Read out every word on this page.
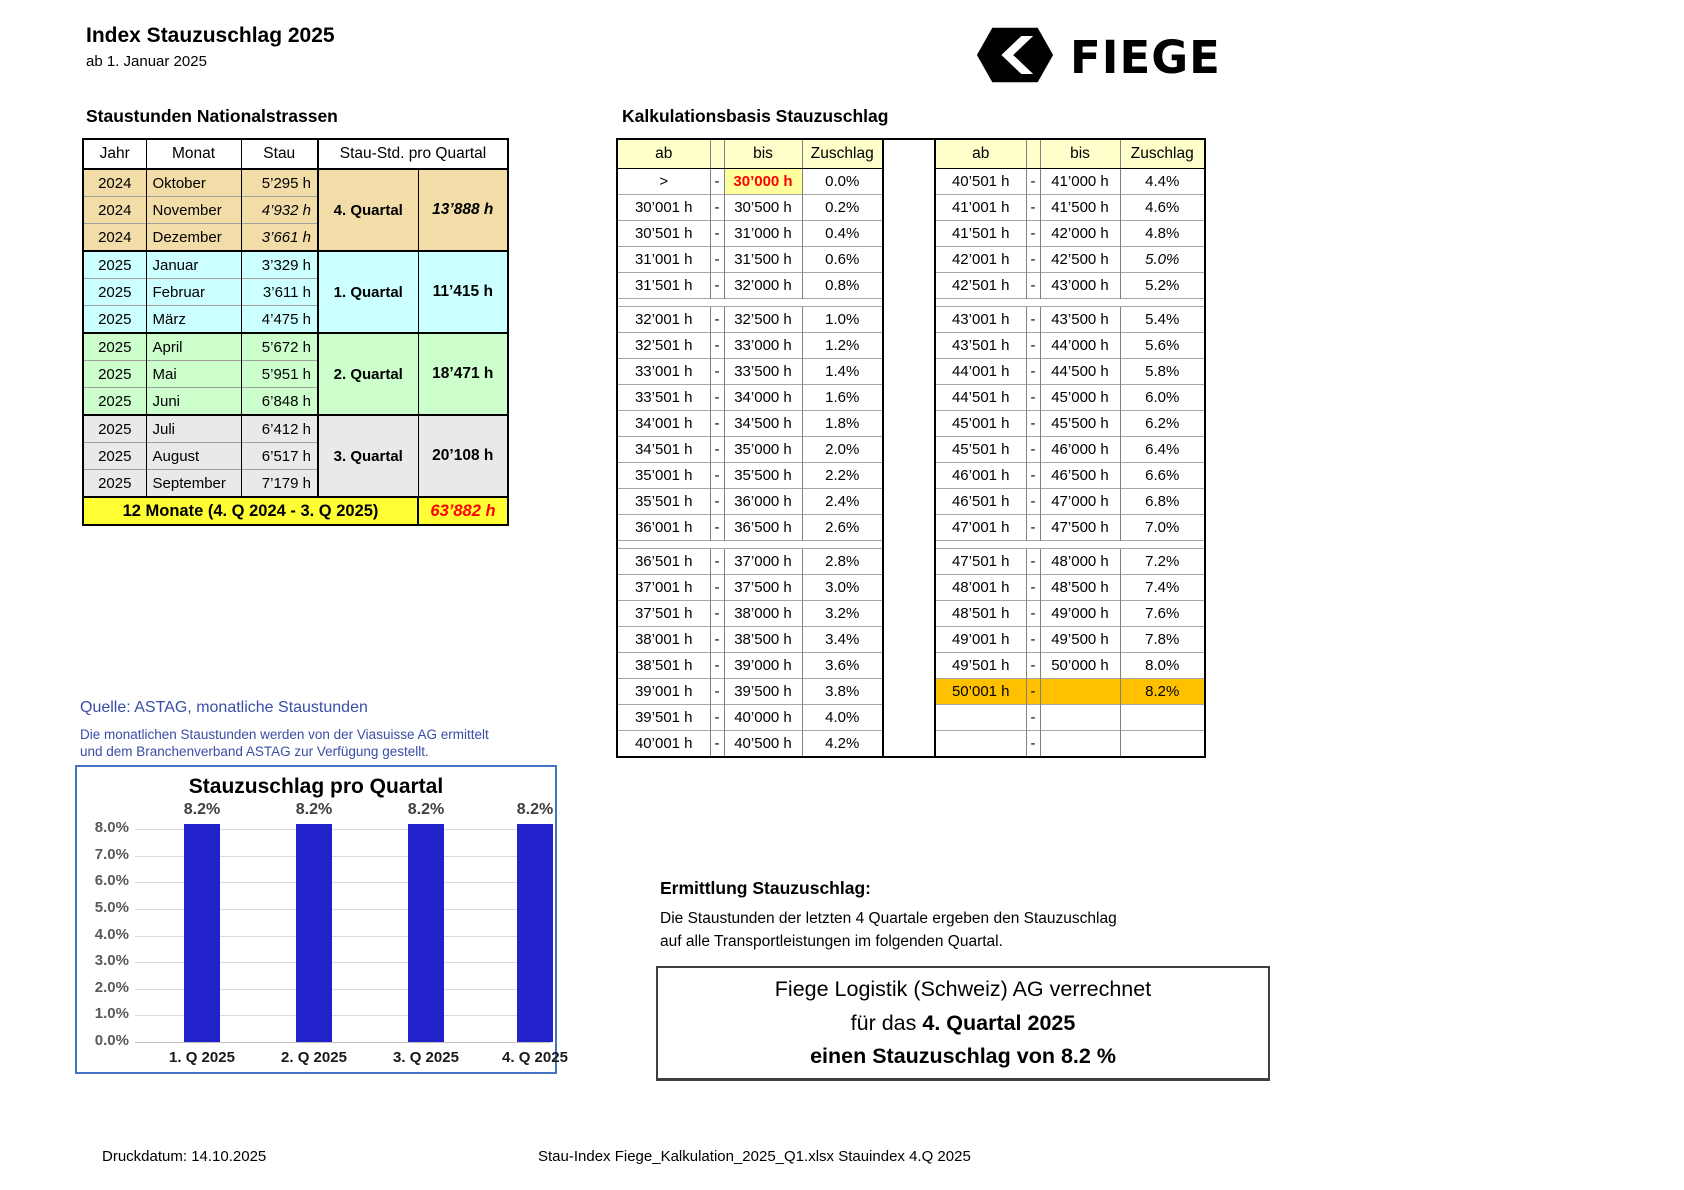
Index Stauzuschlag 2025
ab 1. Januar 2025	FIEGE
Staustunden Nationalstrassen	Kalkulationsbasis Stauzuschlag
Jahr	Monat	Stau	Stau-Std. pro Quartal	
2024	Oktober	5’295 h	4. Quartal	13’888 h
2024	November	4’932 h		
2024	Dezember	3’661 h		
2025	Januar	3’329 h	1. Quartal	11’415 h
2025	Februar	3’611 h		
2025	März	4’475 h		
2025	April	5’672 h	2. Quartal	18’471 h
2025	Mai	5’951 h		
2025	Juni	6’848 h		
2025	Juli	6’412 h	3. Quartal	20’108 h
2025	August	6’517 h		
2025	September	7’179 h		
12 Monate (4. Q 2024 - 3. Q 2025)				63’882 h
ab		bis	Zuschlag
>	-	30’000 h	0.0%
30’001 h	-	30’500 h	0.2%
30’501 h	-	31’000 h	0.4%
31’001 h	-	31’500 h	0.6%
31’501 h	-	32’000 h	0.8%

32’001 h	-	32’500 h	1.0%
32’501 h	-	33’000 h	1.2%
33’001 h	-	33’500 h	1.4%
33’501 h	-	34’000 h	1.6%
34’001 h	-	34’500 h	1.8%
34’501 h	-	35’000 h	2.0%
35’001 h	-	35’500 h	2.2%
35’501 h	-	36’000 h	2.4%
36’001 h	-	36’500 h	2.6%

36’501 h	-	37’000 h	2.8%
37’001 h	-	37’500 h	3.0%
37’501 h	-	38’000 h	3.2%
38’001 h	-	38’500 h	3.4%
38’501 h	-	39’000 h	3.6%
39’001 h	-	39’500 h	3.8%
39’501 h	-	40’000 h	4.0%
40’001 h	-	40’500 h	4.2%
ab		bis	Zuschlag
40’501 h	-	41’000 h	4.4%
41’001 h	-	41’500 h	4.6%
41’501 h	-	42’000 h	4.8%
42’001 h	-	42’500 h	5.0%
42’501 h	-	43’000 h	5.2%

43’001 h	-	43’500 h	5.4%
43’501 h	-	44’000 h	5.6%
44’001 h	-	44’500 h	5.8%
44’501 h	-	45’000 h	6.0%
45’001 h	-	45’500 h	6.2%
45’501 h	-	46’000 h	6.4%
46’001 h	-	46’500 h	6.6%
46’501 h	-	47’000 h	6.8%
47’001 h	-	47’500 h	7.0%

47’501 h	-	48’000 h	7.2%
48’001 h	-	48’500 h	7.4%
48’501 h	-	49’000 h	7.6%
49’001 h	-	49’500 h	7.8%
49’501 h	-	50’000 h	8.0%
50’001 h	-		8.2%
	-		
	-		
Quelle: ASTAG, monatliche Staustunden
Die monatlichen Staustunden werden von der Viasuisse AG ermittelt
und dem Branchenverband ASTAG zur Verfügung gestellt.
Stauzuschlag pro Quartal
0.0%
1.0%
2.0%
3.0%
4.0%
5.0%
6.0%
7.0%
8.0%
8.2%
1. Q 2025
8.2%
2. Q 2025
8.2%
3. Q 2025
8.2%
4. Q 2025
Ermittlung Stauzuschlag:
Die Staustunden der letzten 4 Quartale ergeben den Stauzuschlag
auf alle Transportleistungen im folgenden Quartal.
Fiege Logistik (Schweiz) AG verrechnet
für das 4. Quartal 2025
einen Stauzuschlag von 8.2 %
Druckdatum: 14.10.2025	Stau-Index Fiege_Kalkulation_2025_Q1.xlsx Stauindex 4.Q 2025
